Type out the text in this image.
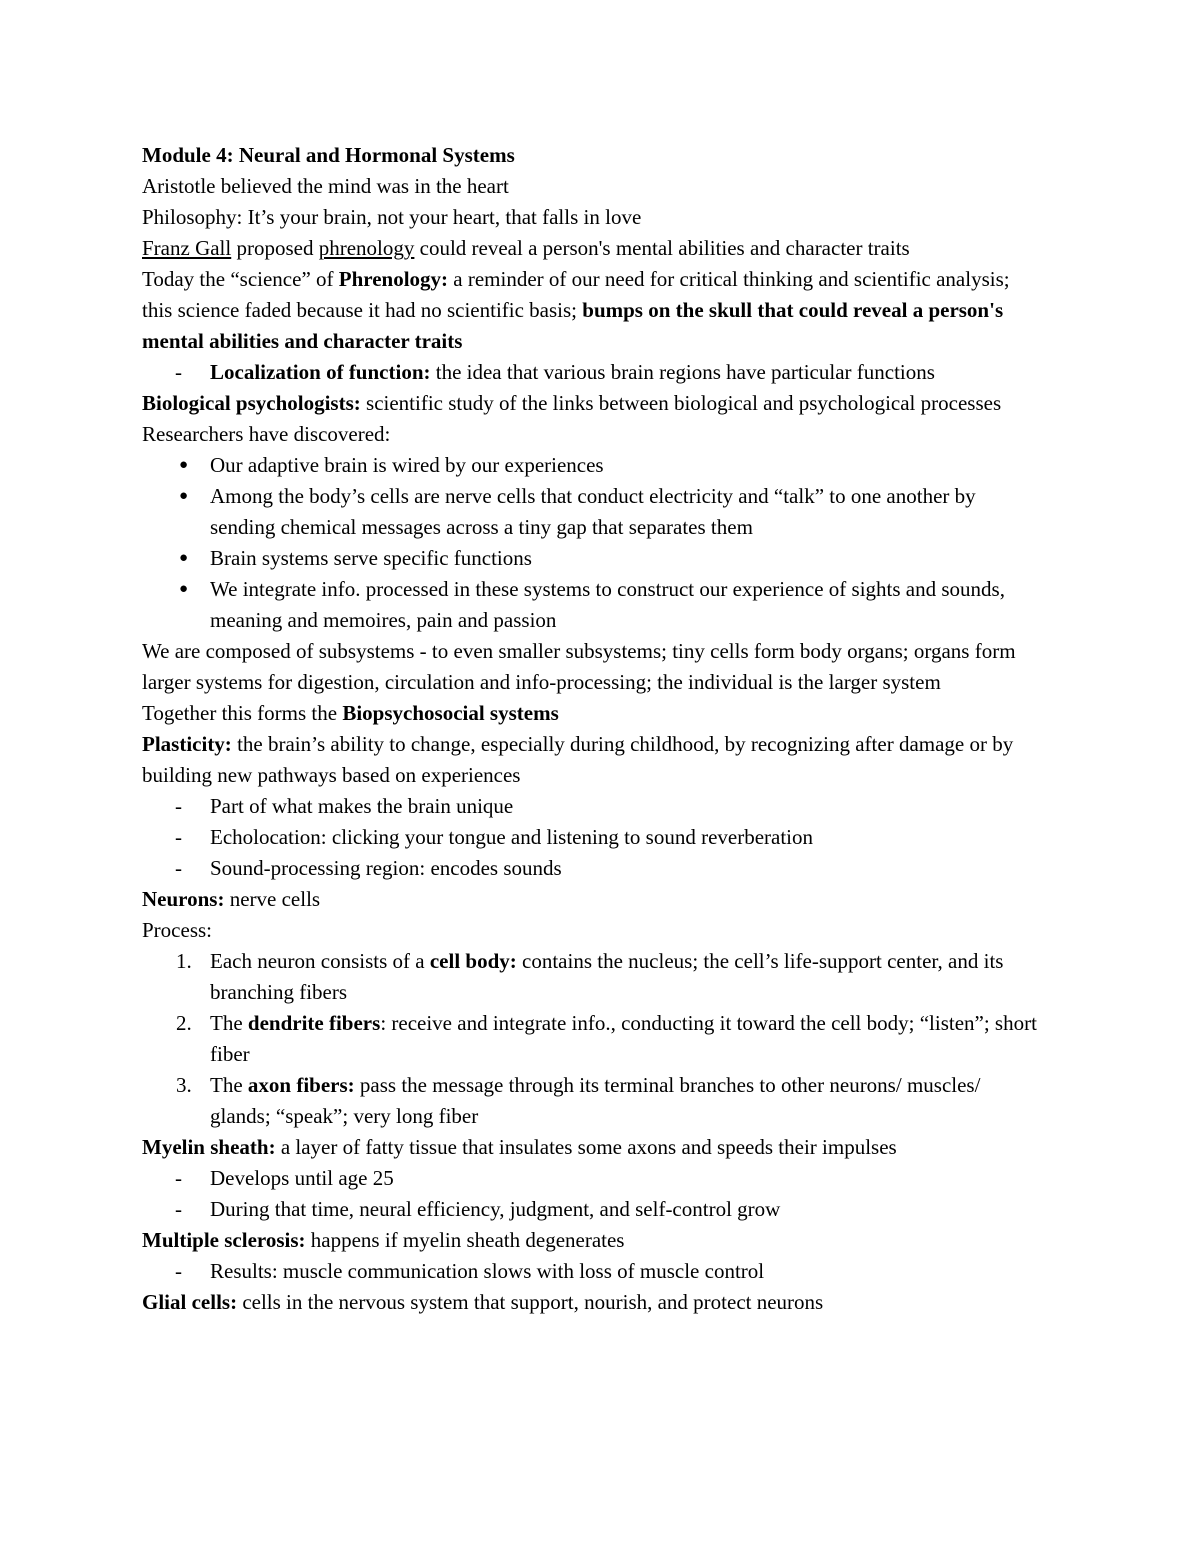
Module 4: Neural and Hormonal Systems

Aristotle believed the mind was in the heart

Philosophy: It’s your brain, not your heart, that falls in love

Franz Gall proposed phrenology could reveal a person's mental abilities and character traits

Today the “science” of Phrenology: a reminder of our need for critical thinking and scientific analysis; this science faded because it had no scientific basis; bumps on the skull that could reveal a person's mental abilities and character traits

-	Localization of function: the idea that various brain regions have particular functions

Biological psychologists: scientific study of the links between biological and psychological processes

Researchers have discovered:

●	Our adaptive brain is wired by our experiences

●	Among the body’s cells are nerve cells that conduct electricity and “talk” to one another by sending chemical messages across a tiny gap that separates them

●	Brain systems serve specific functions

●	We integrate info. processed in these systems to construct our experience of sights and sounds, meaning and memoires, pain and passion

We are composed of subsystems - to even smaller subsystems; tiny cells form body organs; organs form larger systems for digestion, circulation and info-processing; the individual is the larger system

Together this forms the Biopsychosocial systems

Plasticity: the brain’s ability to change, especially during childhood, by recognizing after damage or by building new pathways based on experiences

-	Part of what makes the brain unique

-	Echolocation: clicking your tongue and listening to sound reverberation

-	Sound-processing region: encodes sounds

Neurons: nerve cells

Process:

1. Each neuron consists of a cell body: contains the nucleus; the cell’s life-support center, and its branching fibers

2. The dendrite fibers: receive and integrate info., conducting it toward the cell body; “listen”; short fiber

3. The axon fibers: pass the message through its terminal branches to other neurons/ muscles/ glands; “speak”; very long fiber

Myelin sheath: a layer of fatty tissue that insulates some axons and speeds their impulses

-	Develops until age 25

-	During that time, neural efficiency, judgment, and self-control grow

Multiple sclerosis: happens if myelin sheath degenerates

-	Results: muscle communication slows with loss of muscle control

Glial cells: cells in the nervous system that support, nourish, and protect neurons
